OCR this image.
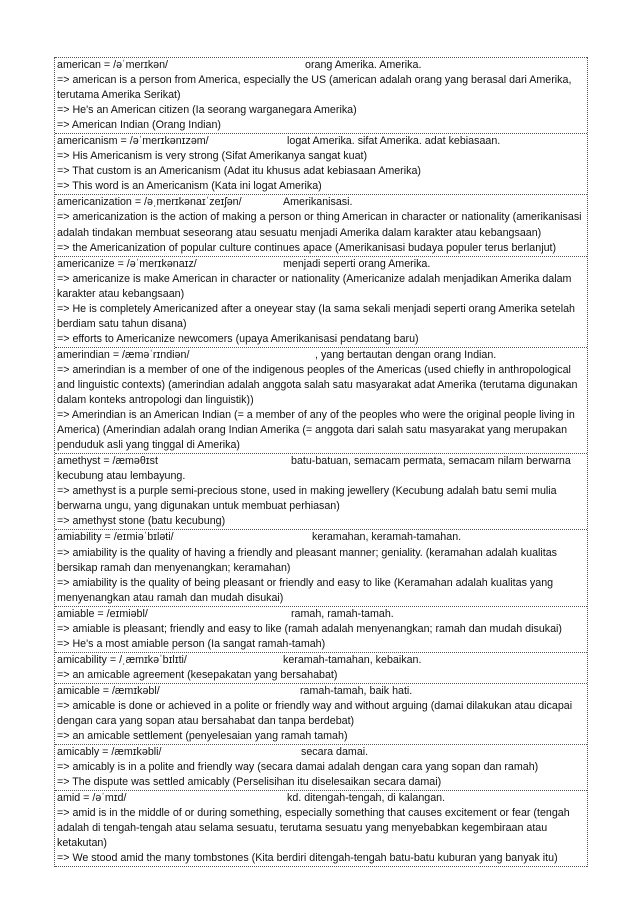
american = /əˈmerɪkən/	orang Amerika. Amerika.
=> american is a person from America, especially the US (american adalah orang yang berasal dari Amerika, terutama Amerika Serikat)
=> He's an American citizen (Ia seorang warganegara Amerika)
=> American Indian (Orang Indian)
americanism = /əˈmerɪkənɪzəm/	logat Amerika. sifat Amerika. adat kebiasaan.
=> His Americanism is very strong (Sifat Amerikanya sangat kuat)
=> That custom is an Americanism (Adat itu khusus adat kebiasaan Amerika)
=> This word is an Americanism (Kata ini logat Amerika)
americanization = /əˌmerɪkənaɪˈzeɪʃən/	Amerikanisasi.
=> americanization is the action of making a person or thing American in character or nationality (amerikanisasi adalah tindakan membuat seseorang atau sesuatu menjadi Amerika dalam karakter atau kebangsaan)
=> the Americanization of popular culture continues apace (Amerikanisasi budaya populer terus berlanjut)
americanize = /əˈmerɪkənaɪz/	menjadi seperti orang Amerika.
=> americanize is make American in character or nationality (Americanize adalah menjadikan Amerika dalam karakter atau kebangsaan)
=> He is completely Americanized after a oneyear stay (Ia sama sekali menjadi seperti orang Amerika setelah berdiam satu tahun disana)
=> efforts to Americanize newcomers (upaya Amerikanisasi pendatang baru)
amerindian = /æməˈrɪndiən/	, yang bertautan dengan orang Indian.
=> amerindian is a member of one of the indigenous peoples of the Americas (used chiefly in anthropological and linguistic contexts) (amerindian adalah anggota salah satu masyarakat adat Amerika (terutama digunakan dalam konteks antropologi dan linguistik))
=> Amerindian is an American Indian (= a member of any of the peoples who were the original people living in America) (Amerindian adalah orang Indian Amerika (= anggota dari salah satu masyarakat yang merupakan penduduk asli yang tinggal di Amerika)
amethyst = /æməθɪst	batu-batuan, semacam permata, semacam nilam berwarna
kecubung atau lembayung.
=> amethyst is a purple semi-precious stone, used in making jewellery (Kecubung adalah batu semi mulia berwarna ungu, yang digunakan untuk membuat perhiasan)
=> amethyst stone (batu kecubung)
amiability = /eɪmiəˈbɪləti/	keramahan, keramah-tamahan.
=> amiability is the quality of having a friendly and pleasant manner; geniality. (keramahan adalah kualitas bersikap ramah dan menyenangkan; keramahan)
=> amiability is the quality of being pleasant or friendly and easy to like (Keramahan adalah kualitas yang menyenangkan atau ramah dan mudah disukai)
amiable = /eɪmiəbl/	ramah, ramah-tamah.
=> amiable is pleasant; friendly and easy to like (ramah adalah menyenangkan; ramah dan mudah disukai)
=> He's a most amiable person (Ia sangat ramah-tamah)
amicability = /ˌæmɪkəˈbɪlɪti/	keramah-tamahan, kebaikan.
=> an amicable agreement (kesepakatan yang bersahabat)
amicable = /æmɪkəbl/	ramah-tamah, baik hati.
=> amicable is done or achieved in a polite or friendly way and without arguing (damai dilakukan atau dicapai dengan cara yang sopan atau bersahabat dan tanpa berdebat)
=> an amicable settlement (penyelesaian yang ramah tamah)
amicably = /æmɪkəbli/	secara damai.
=> amicably is in a polite and friendly way (secara damai adalah dengan cara yang sopan dan ramah)
=> The dispute was settled amicably (Perselisihan itu diselesaikan secara damai)
amid = /əˈmɪd/	kd. ditengah-tengah, di kalangan.
=> amid is in the middle of or during something, especially something that causes excitement or fear (tengah adalah di tengah-tengah atau selama sesuatu, terutama sesuatu yang menyebabkan kegembiraan atau ketakutan)
=> We stood amid the many tombstones (Kita berdiri ditengah-tengah batu-batu kuburan yang banyak itu)
